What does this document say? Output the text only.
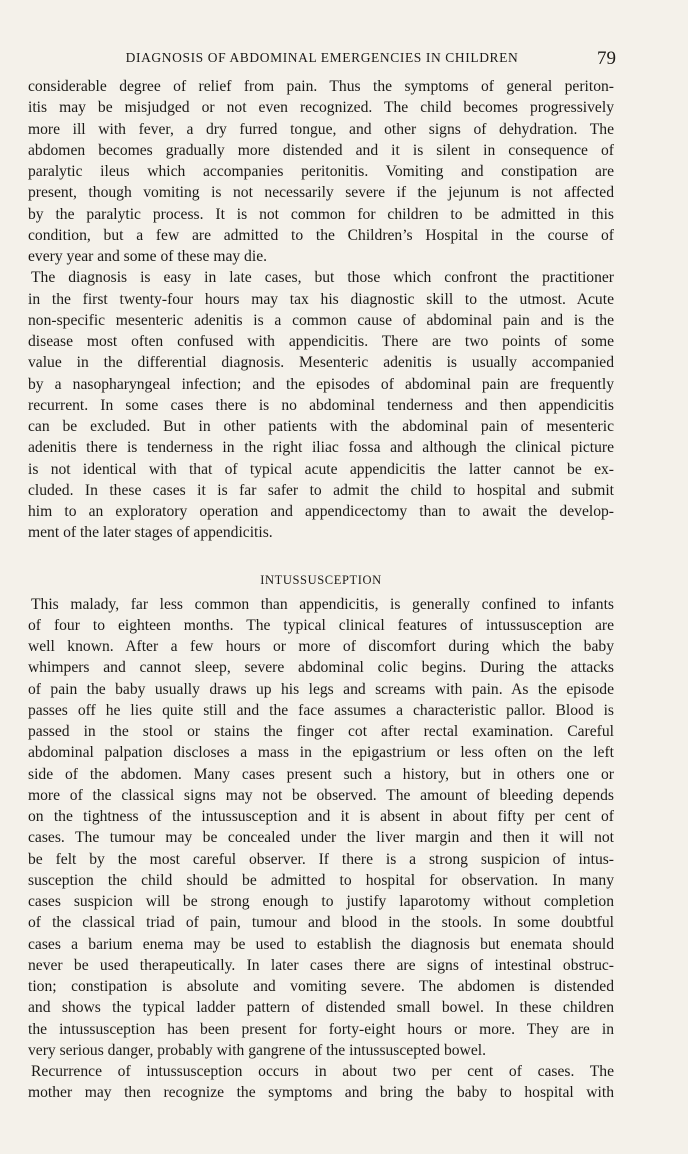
DIAGNOSIS OF ABDOMINAL EMERGENCIES IN CHILDREN	79

considerable degree of relief from pain. Thus the symptoms of general periton-
itis may be misjudged or not even recognized. The child becomes progressively
more ill with fever, a dry furred tongue, and other signs of dehydration. The
abdomen becomes gradually more distended and it is silent in consequence of
paralytic ileus which accompanies peritonitis. Vomiting and constipation are
present, though vomiting is not necessarily severe if the jejunum is not affected
by the paralytic process. It is not common for children to be admitted in this
condition, but a few are admitted to the Children’s Hospital in the course of
every year and some of these may die.

The diagnosis is easy in late cases, but those which confront the practitioner
in the first twenty-four hours may tax his diagnostic skill to the utmost. Acute
non-specific mesenteric adenitis is a common cause of abdominal pain and is the
disease most often confused with appendicitis. There are two points of some
value in the differential diagnosis. Mesenteric adenitis is usually accompanied
by a nasopharyngeal infection; and the episodes of abdominal pain are frequently
recurrent. In some cases there is no abdominal tenderness and then appendicitis
can be excluded. But in other patients with the abdominal pain of mesenteric
adenitis there is tenderness in the right iliac fossa and although the clinical picture
is not identical with that of typical acute appendicitis the latter cannot be ex-
cluded. In these cases it is far safer to admit the child to hospital and submit
him to an exploratory operation and appendicectomy than to await the develop-
ment of the later stages of appendicitis.

INTUSSUSCEPTION

This malady, far less common than appendicitis, is generally confined to infants
of four to eighteen months. The typical clinical features of intussusception are
well known. After a few hours or more of discomfort during which the baby
whimpers and cannot sleep, severe abdominal colic begins. During the attacks
of pain the baby usually draws up his legs and screams with pain. As the episode
passes off he lies quite still and the face assumes a characteristic pallor. Blood is
passed in the stool or stains the finger cot after rectal examination. Careful
abdominal palpation discloses a mass in the epigastrium or less often on the left
side of the abdomen. Many cases present such a history, but in others one or
more of the classical signs may not be observed. The amount of bleeding depends
on the tightness of the intussusception and it is absent in about fifty per cent of
cases. The tumour may be concealed under the liver margin and then it will not
be felt by the most careful observer. If there is a strong suspicion of intus-
susception the child should be admitted to hospital for observation. In many
cases suspicion will be strong enough to justify laparotomy without completion
of the classical triad of pain, tumour and blood in the stools. In some doubtful
cases a barium enema may be used to establish the diagnosis but enemata should
never be used therapeutically. In later cases there are signs of intestinal obstruc-
tion; constipation is absolute and vomiting severe. The abdomen is distended
and shows the typical ladder pattern of distended small bowel. In these children
the intussusception has been present for forty-eight hours or more. They are in
very serious danger, probably with gangrene of the intussuscepted bowel.

Recurrence of intussusception occurs in about two per cent of cases. The
mother may then recognize the symptoms and bring the baby to hospital with
